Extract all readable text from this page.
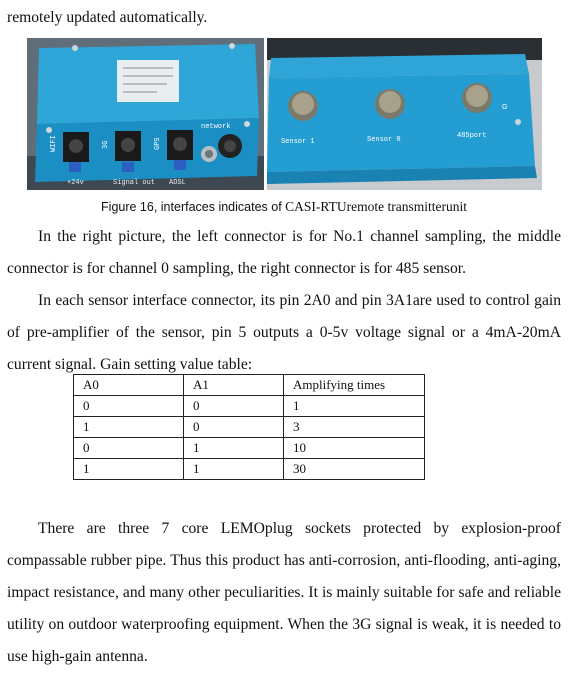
remotely updated automatically.

WIFI	3G	GPS
network
+24v	Signal out ADSL
G
Sensor 1	Sensor 0	485port
Figure 16, interfaces indicates of CASI-RTUremote transmitterunit

In the right picture, the left connector is for No.1 channel sampling, the middle connector is for channel 0 sampling, the right connector is for 485 sensor.

In each sensor interface connector, its pin 2A0 and pin 3A1are used to control gain of pre-amplifier of the sensor, pin 5 outputs a 0-5v voltage signal or a 4mA-20mA current signal. Gain setting value table:

A0	A1	Amplifying times
0	0	1
1	0	3
0	1	10
1	1	30

There are three 7 core LEMOplug sockets protected by explosion-proof compassable rubber pipe. Thus this product has anti-corrosion, anti-flooding, anti-aging, impact resistance, and many other peculiarities. It is mainly suitable for safe and reliable utility on outdoor waterproofing equipment. When the 3G signal is weak, it is needed to use high-gain antenna.
